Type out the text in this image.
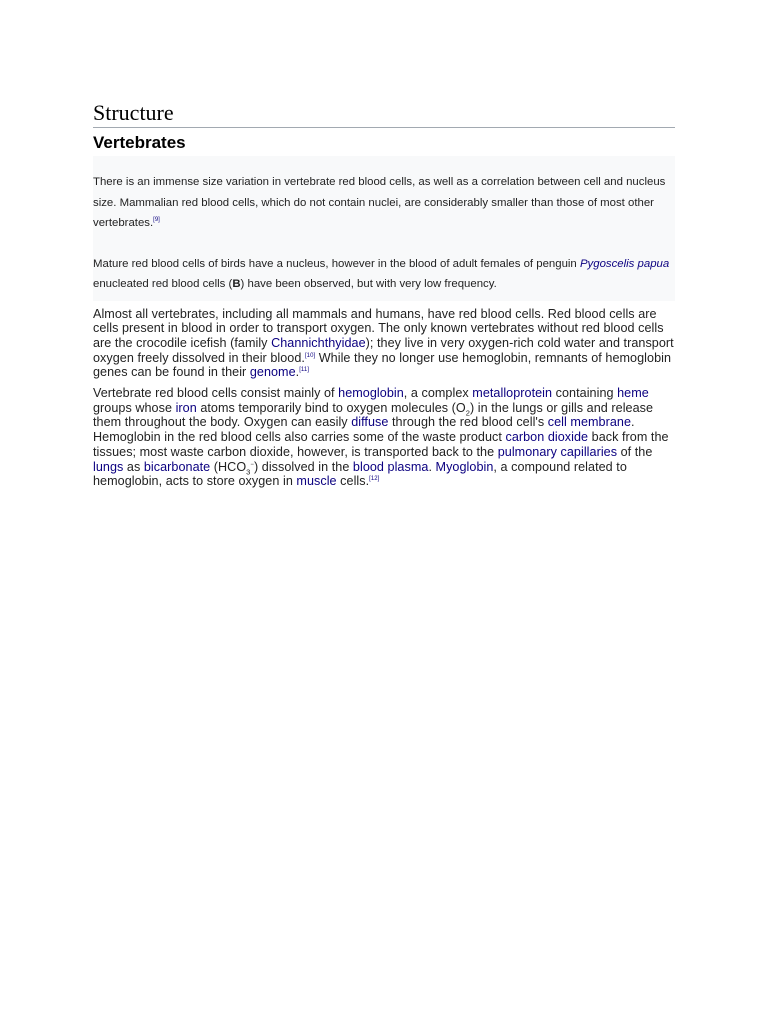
Structure
Vertebrates

There is an immense size variation in vertebrate red blood cells, as well as a correlation between cell and nucleus size. Mammalian red blood cells, which do not contain nuclei, are considerably smaller than those of most other vertebrates.[9]

Mature red blood cells of birds have a nucleus, however in the blood of adult females of penguin Pygoscelis papua enucleated red blood cells (B) have been observed, but with very low frequency.

Almost all vertebrates, including all mammals and humans, have red blood cells. Red blood cells are cells present in blood in order to transport oxygen. The only known vertebrates without red blood cells are the crocodile icefish (family Channichthyidae); they live in very oxygen-rich cold water and transport oxygen freely dissolved in their blood.[10] While they no longer use hemoglobin, remnants of hemoglobin genes can be found in their genome.[11]

Vertebrate red blood cells consist mainly of hemoglobin, a complex metalloprotein containing heme groups whose iron atoms temporarily bind to oxygen molecules $(O_2)$ in the lungs or gills and release them throughout the body. Oxygen can easily diffuse through the red blood cell's cell membrane. Hemoglobin in the red blood cells also carries some of the waste product carbon dioxide back from the tissues; most waste carbon dioxide, however, is transported back to the pulmonary capillaries of the lungs as bicarbonate $(HCO_3^-)$ dissolved in the blood plasma. Myoglobin, a compound related to hemoglobin, acts to store oxygen in muscle cells.[12]
